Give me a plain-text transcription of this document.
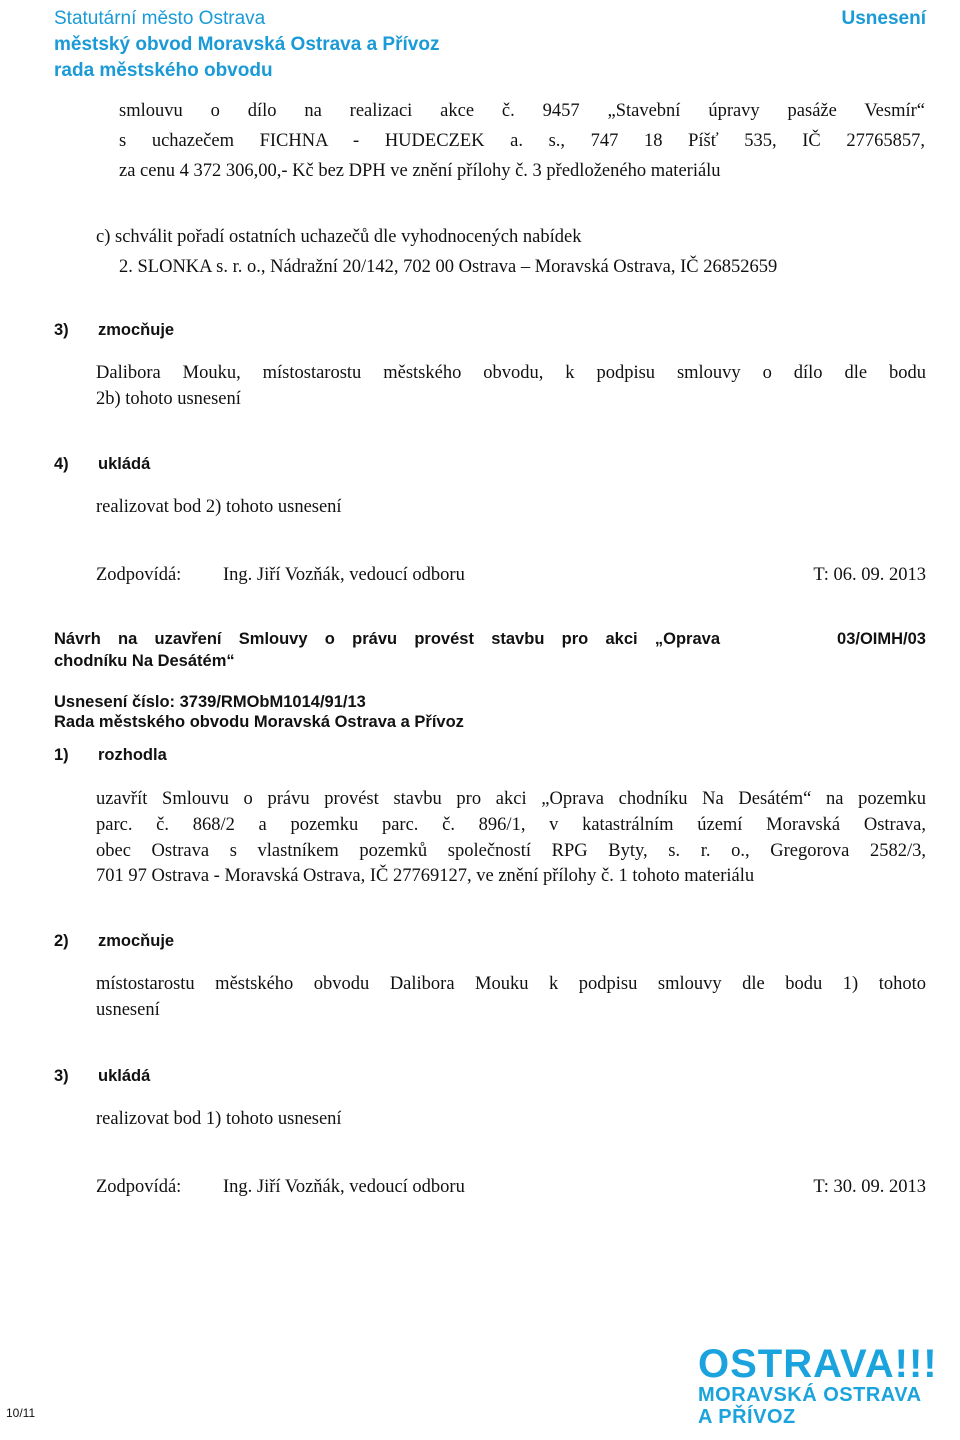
Statutární město Ostrava
městský obvod Moravská Ostrava a Přívoz
rada městského obvodu
Usnesení
smlouvu o dílo na realizaci akce č. 9457 „Stavební úpravy pasáže Vesmír“
s uchazečem FICHNA - HUDECZEK a. s., 747 18 Píšť 535, IČ 27765857,
za cenu 4 372 306,00,- Kč bez DPH ve znění přílohy č. 3 předloženého materiálu
c) schválit pořadí ostatních uchazečů dle vyhodnocených nabídek
2. SLONKA s. r. o., Nádražní 20/142, 702 00 Ostrava – Moravská Ostrava, IČ 26852659
3) zmocňuje
Dalibora Mouku, místostarostu městského obvodu, k podpisu smlouvy o dílo dle bodu
2b) tohoto usnesení
4) ukládá
realizovat bod 2) tohoto usnesení
Zodpovídá: Ing. Jiří Vozňák, vedoucí odboru	T: 06. 09. 2013
Návrh na uzavření Smlouvy o právu provést stavbu pro akci „Oprava
chodníku Na Desátém“
03/OIMH/03
Usnesení číslo: 3739/RMObM1014/91/13
Rada městského obvodu Moravská Ostrava a Přívoz
1) rozhodla
uzavřít Smlouvu o právu provést stavbu pro akci „Oprava chodníku Na Desátém“ na pozemku
parc. č. 868/2 a pozemku parc. č. 896/1, v katastrálním území Moravská Ostrava,
obec Ostrava s vlastníkem pozemků společností RPG Byty, s. r. o., Gregorova 2582/3,
701 97 Ostrava - Moravská Ostrava, IČ 27769127, ve znění přílohy č. 1 tohoto materiálu
2) zmocňuje
místostarostu městského obvodu Dalibora Mouku k podpisu smlouvy dle bodu 1) tohoto
usnesení
3) ukládá
realizovat bod 1) tohoto usnesení
Zodpovídá: Ing. Jiří Vozňák, vedoucí odboru	T: 30. 09. 2013
OSTRAVA!!!
MORAVSKÁ OSTRAVA
A PŘÍVOZ
10/11
